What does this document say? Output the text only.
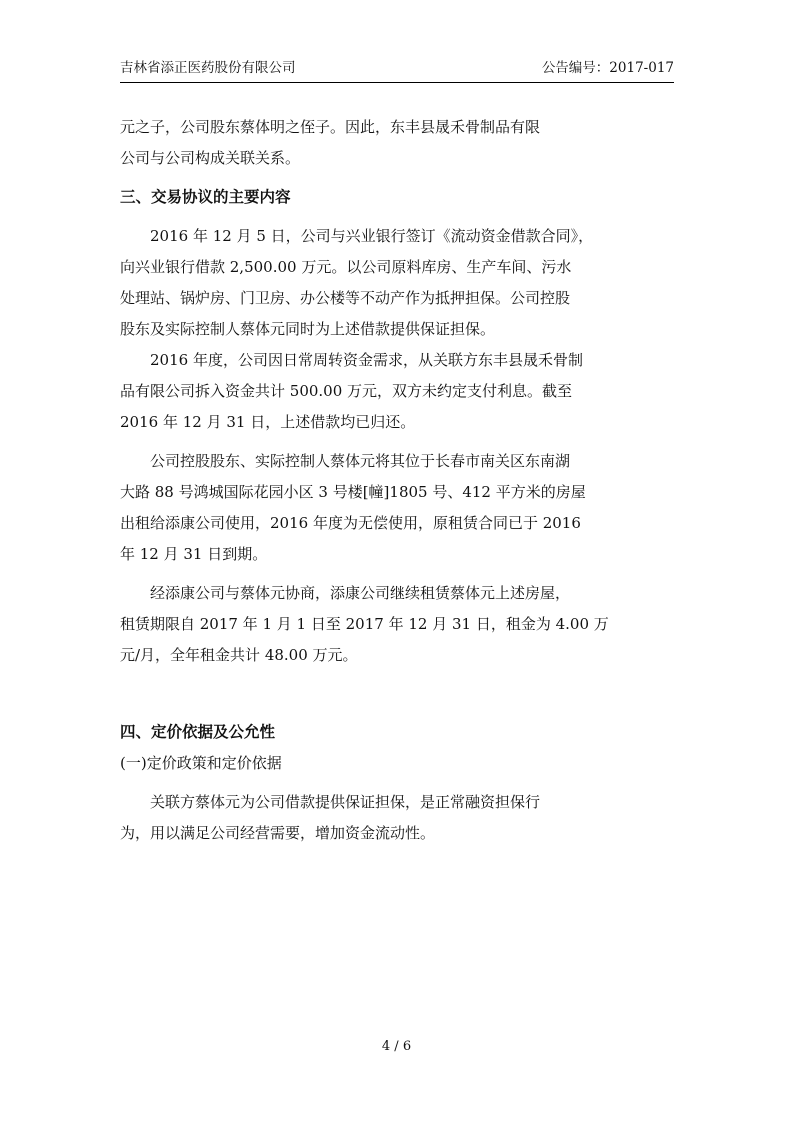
吉林省添正医药股份有限公司	公告编号：2017-017

元之子，公司股东蔡体明之侄子。因此，东丰县晟禾骨制品有限

公司与公司构成关联关系。

三、交易协议的主要内容

2016 年 12 月 5 日，公司与兴业银行签订《流动资金借款合同》，

向兴业银行借款 2,500.00 万元。以公司原料库房、生产车间、污水

处理站、锅炉房、门卫房、办公楼等不动产作为抵押担保。公司控股

股东及实际控制人蔡体元同时为上述借款提供保证担保。

2016 年度，公司因日常周转资金需求，从关联方东丰县晟禾骨制

品有限公司拆入资金共计 500.00 万元，双方未约定支付利息。截至

2016 年 12 月 31 日，上述借款均已归还。

公司控股股东、实际控制人蔡体元将其位于长春市南关区东南湖

大路 88 号鸿城国际花园小区 3 号楼[幢]1805 号、412 平方米的房屋

出租给添康公司使用，2016 年度为无偿使用，原租赁合同已于 2016

年 12 月 31 日到期。

经添康公司与蔡体元协商，添康公司继续租赁蔡体元上述房屋，

租赁期限自 2017 年 1 月 1 日至 2017 年 12 月 31 日，租金为 4.00 万

元/月，全年租金共计 48.00 万元。

四、定价依据及公允性

(一)定价政策和定价依据

关联方蔡体元为公司借款提供保证担保，是正常融资担保行

为，用以满足公司经营需要，增加资金流动性。

4 / 6
